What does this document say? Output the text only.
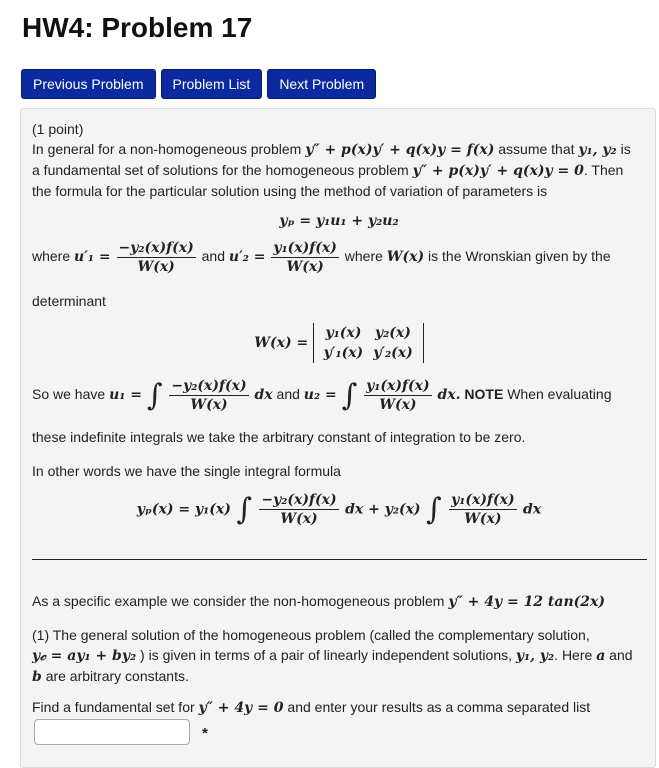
HW4: Problem 17
Previous Problem	Problem List	Next Problem

(1 point)

In general for a non-homogeneous problem y″ + p(x)y′ + q(x)y = f(x) assume that y₁, y₂ is
a fundamental set of solutions for the homogeneous problem y″ + p(x)y′ + q(x)y = 0. Then
the formula for the particular solution using the method of variation of parameters is

yₚ = y₁u₁ + y₂u₂
where $u'_1 = \frac{\text{−y₂(x)f(x)}}{W(x)}$ and $u'_2 = \frac{\text{y₁(x)f(x)}}{W(x)}$ where W(x) is the Wronskian given by the

determinant

W(x) =
y₁(x)	y₂(x)
y′₁(x)	y′₂(x)
So we have u₁ = ∫ $\frac{\text{−y₂(x)f(x)}}{W(x)}$ dx and u₂ = ∫ $\frac{\text{y₁(x)f(x)}}{W(x)}$ dx. NOTE When evaluating

these indefinite integrals we take the arbitrary constant of integration to be zero.

In other words we have the single integral formula

yₚ(x) = y₁(x) ∫ $\frac{\text{−y₂(x)f(x)}}{W(x)}$ dx + y₂(x) ∫ $\frac{\text{y₁(x)f(x)}}{W(x)}$ dx

As a specific example we consider the non-homogeneous problem y″ + 4y = 12 tan(2x)

(1) The general solution of the homogeneous problem (called the complementary solution,
y𝒸 = ay₁ + by₂ ) is given in terms of a pair of linearly independent solutions, y₁, y₂. Here a and
b are arbitrary constants.

Find a fundamental set for y″ + 4y = 0 and enter your results as a comma separated list

*
